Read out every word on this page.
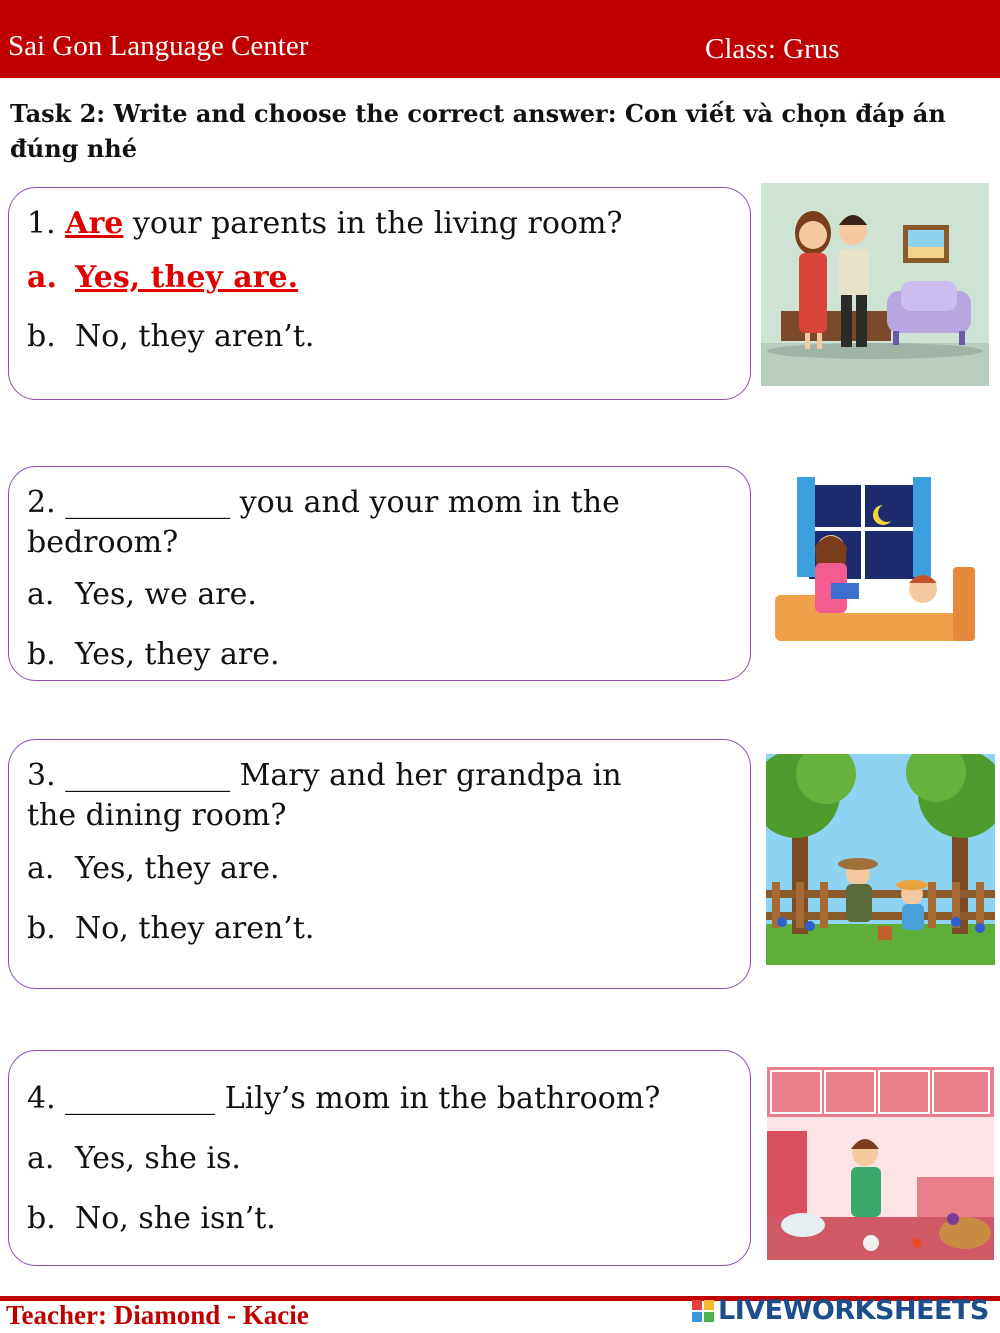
Sai Gon Language Center	Class: Grus
Task 2: Write and choose the correct answer: Con viết và chọn đáp án đúng nhé
1. Are your parents in the living room?
a. Yes, they are.
b. No, they aren’t.
2. ___________ you and your mom in the
bedroom?
a. Yes, we are.
b. Yes, they are.
3. ___________ Mary and her grandpa in
the dining room?
a. Yes, they are.
b. No, they aren’t.
4. __________ Lily’s mom in the bathroom?
a. Yes, she is.
b. No, she isn’t.
Teacher: Diamond - Kacie	LIVEWORKSHEETS
